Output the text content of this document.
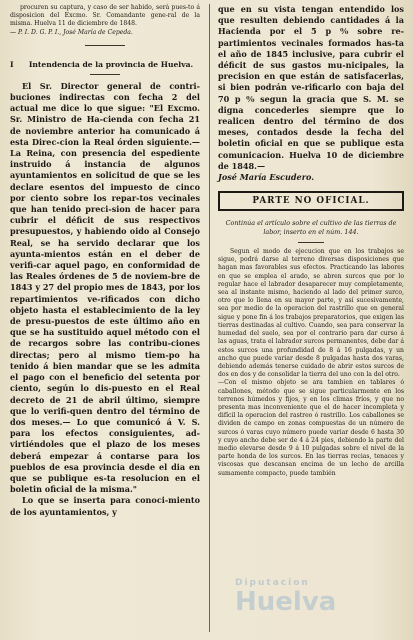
procuren su captura, y caso de ser habido, será pues-to á disposicion del Excmo. Sr. Comandante gene-ral de la misma. Huelva 11 de diciembre de 1848.

— P. I. D. G. P. I., José María de Cepeda.

Ⅰ	Intendencia de la provincia de Huelva.

El Sr. Director general de contri-buciones indirectas con fecha 2 del actual me dice lo que sigue: "El Excmo. Sr. Ministro de Ha-cienda con fecha 21 de noviembre anterior ha comunicado á esta Direc-cion la Real órden siguiente.— La Reina, con presencia del espediente instruido á instancia de algunos ayuntamientos en solicitud de que se les declare esentos del impuesto de cinco por ciento sobre los repar-tos vecinales que han tenido preci-sion de hacer para cubrir el déficit de sus respectivos presupuestos, y habiendo oido al Consejo Real, se ha servido declarar que los ayunta-mientos están en el deber de verifi-car aquel pago, en conformidad de las Reales órdenes de 5 de noviem-bre de 1843 y 27 del propio mes de 1843, por los repartimientos ve-rificados con dicho objeto hasta el establecimiento de la ley de presu-puestos de este último año en que se ha sustituido aquel método con el de recargos sobre las contribu-ciones directas; pero al mismo tiem-po ha tenido á bien mandar que se les admita el pago con el beneficio del setenta por ciento, según lo dis-puesto en el Real decreto de 21 de abril último, siempre que lo verifi-quen dentro del término de dos meses.— Lo que comunicó á V. S. para los efectos consiguientes, ad-virtiéndoles que el plazo de los meses deberá empezar á contarse para los pueblos de esa provincia desde el dia en que se publique es-ta resolucion en el boletin oficial de la misma."

Lo que se inserta para conoci-miento de los ayuntamientos, y

que en su vista tengan entendido los que resulten debiendo cantidades á la Hacienda por el 5 p ⁰⁄₀ sobre re-partimientos vecinales formados has-ta el año de 1845 inclusive, para cubrir el déficit de sus gastos mu-nicipales, la precision en que están de satisfacerlas, si bien podrán ve-rificarlo con baja del 70 p ⁰⁄₀ segun la gracia que S. M. se digna concederles siempre que lo realicen dentro del término de dos meses, contados desde la fecha del boletin oficial en que se publique esta comunicacion. Huelva 10 de diciembre de 1848.—

José María Escudero.

PARTE NO OFICIAL.

Continúa el artículo sobre el cultivo de las tierras de labor, inserto en el núm. 144.

Segun el modo de ejecucion que en los trabajos se sigue, podrá darse al terreno diversas disposiciones que hagan mas favorables sus efectos. Practicando las labores en que se emplea el arado, se abren surcos que por lo regular hace el labrador desaparecer muy completamente, sea al instante mismo, haciendo al lado del primer surco, otro que lo llena en su mayor parte, y así sucesivamente, sea por medio de la operacion del rastrillo que en general sigue y pone fin á los trabajos preparatorios, que exigen las tierras destinadas al cultivo. Cuando, sea para conservar la humedad del suelo, sea por el contrario para dar curso á las aguas, trata el labrador surcos permanentes, debe dar á estos surcos una profundidad de 8 á 16 pulgadas, y un ancho que puede variar desde 8 pulgadas hasta dos varas, debiendo además tenerse cuidado de abrir estos surcos de dos en dos y de consolidar la tierra del uno con la del otro.

—Con el mismo objeto se ara tambien en tablares ó caballones, método que se sigue particularmente en los terrenos húmedos y fijos, y en los climas fríos, y que no presenta mas inconveniente que el de hacer incompleta y difícil la operacion del rastreo ó rastrillo. Los caballones se dividen de campo en zonas compuestas de un número de surcos ó varas cuyo número puede variar desde 6 hasta 30 y cuyo ancho debe ser de 4 á 24 pies, debiendo la parte del medio elevarse desde 9 á 10 pulgadas sobre el nivel de la parte honda de los surcos. En las tierras recias, tenaces y viscosas que descansan encima de un lecho de arcilla sumamente compacto, puede también

Diputacion
Huelva
